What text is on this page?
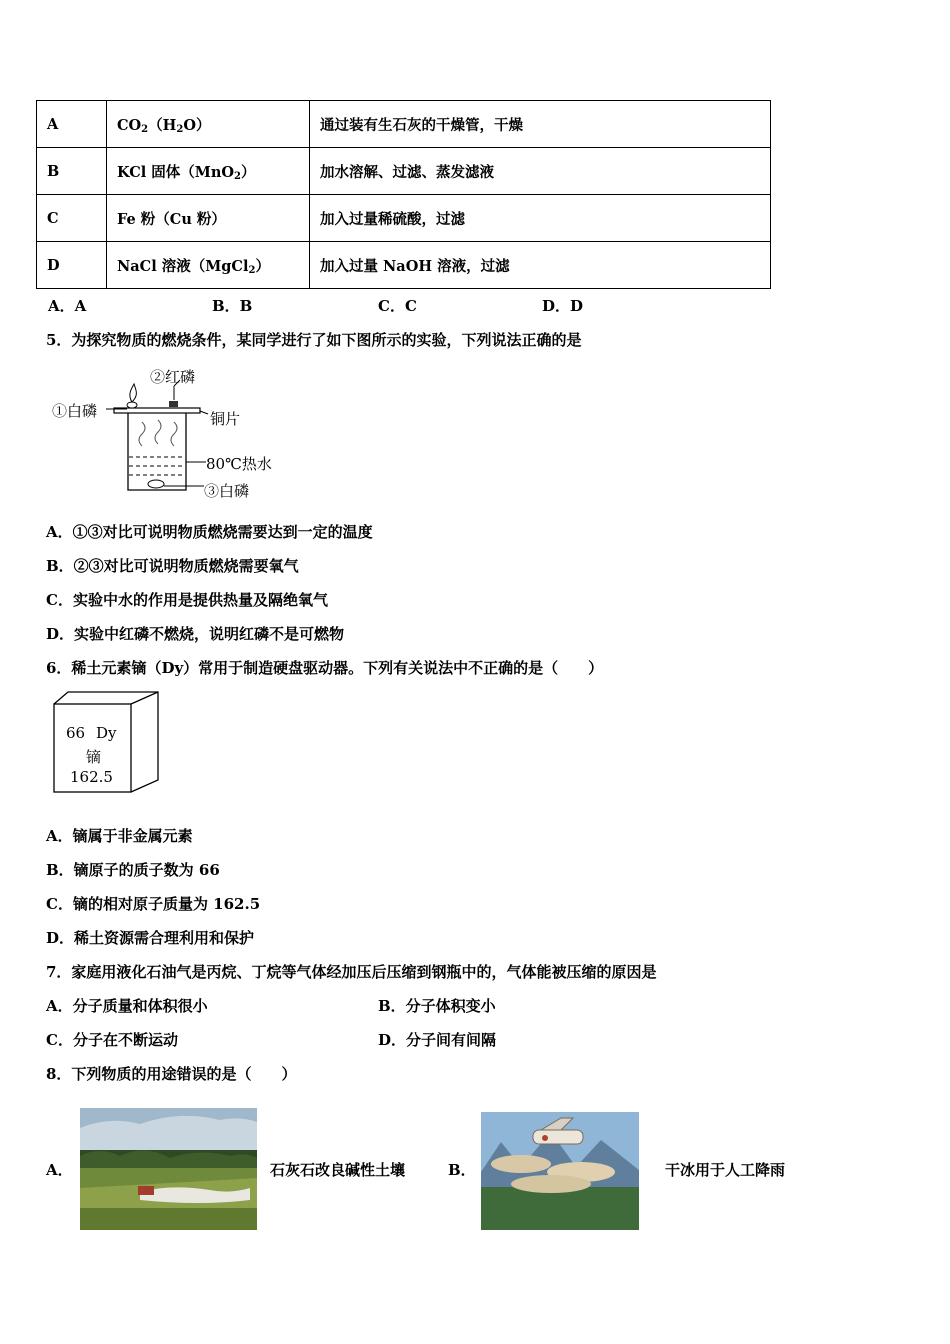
A	$CO_2(H_2O)$	通过装有生石灰的干燥管，干燥
B	KCl 固体（MnO$_2$）	加水溶解、过滤、蒸发滤液
C	Fe 粉（Cu 粉）	加入过量稀硫酸，过滤
D	NaCl 溶液（MgCl$_2$）	加入过量 NaOH 溶液，过滤
A．A	B．B	C．C	D．D
5．为探究物质的燃烧条件，某同学进行了如下图所示的实验，下列说法正确的是
①白磷
②红磷
铜片
80℃热水
③白磷
A．①③对比可说明物质燃烧需要达到一定的温度
B．②③对比可说明物质燃烧需要氧气
C．实验中水的作用是提供热量及隔绝氧气
D．实验中红磷不燃烧，说明红磷不是可燃物
6．稀土元素镝（Dy）常用于制造硬盘驱动器。下列有关说法中不正确的是（　　）
66 Dy
镝
162.5
A．镝属于非金属元素
B．镝原子的质子数为 66
C．镝的相对原子质量为 162.5
D．稀土资源需合理利用和保护
7．家庭用液化石油气是丙烷、丁烷等气体经加压后压缩到钢瓶中的，气体能被压缩的原因是
A．分子质量和体积很小	B．分子体积变小
C．分子在不断运动	D．分子间有间隔
8．下列物质的用途错误的是（　　）
A．	石灰石改良碱性土壤	B．	干冰用于人工降雨
